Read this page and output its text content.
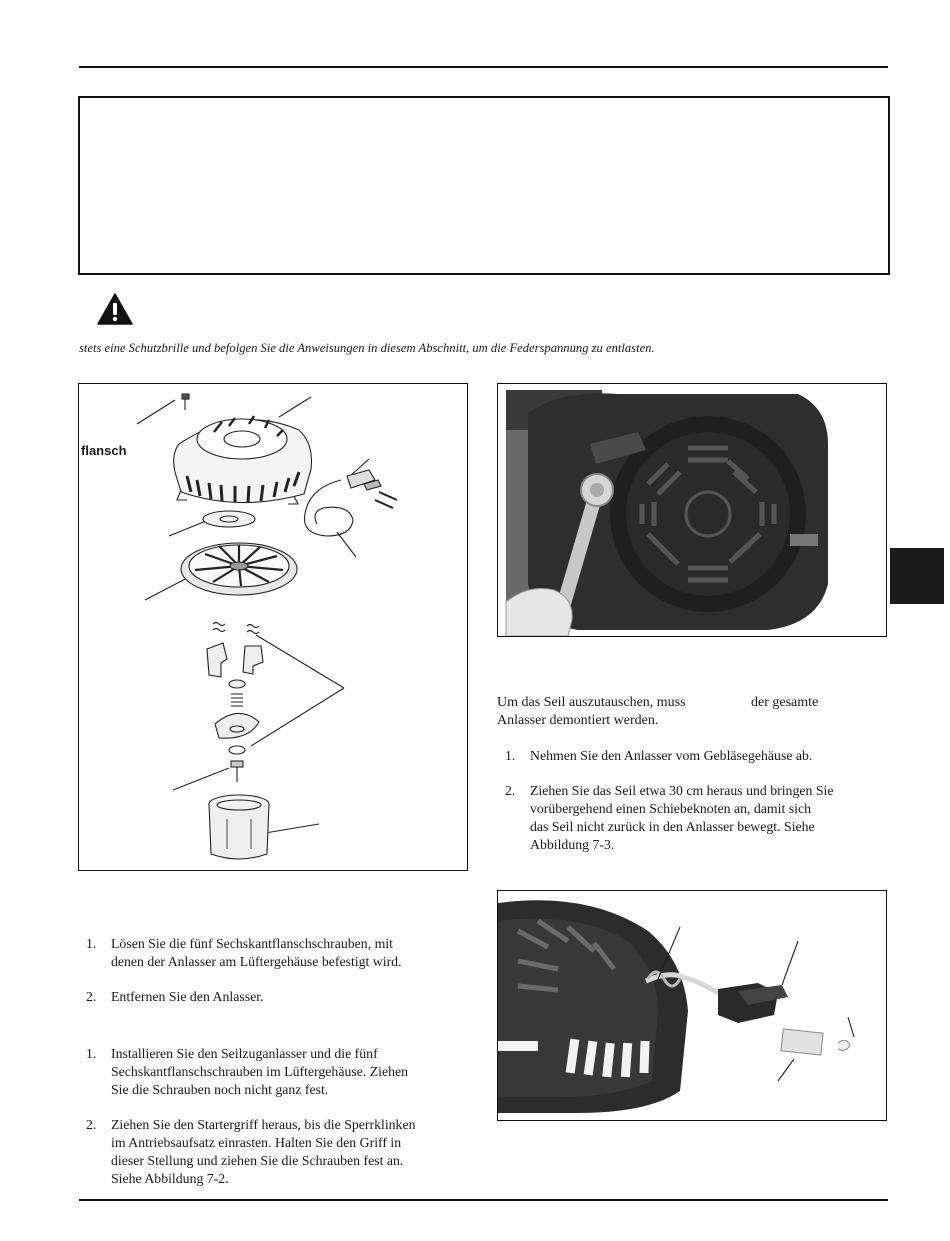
stets eine Schutzbrille und befolgen Sie die Anweisungen in diesem Abschnitt, um die Federspannung zu entlasten.
flansch
Um das Seil auszutauschen, muss	der gesamte
Anlasser demontiert werden.
1. Nehmen Sie den Anlasser vom Gebläsegehäuse ab.
2. Ziehen Sie das Seil etwa 30 cm heraus und bringen Sie
vorübergehend einen Schiebeknoten an, damit sich
das Seil nicht zurück in den Anlasser bewegt. Siehe
Abbildung 7-3.
1. Lösen Sie die fünf Sechskantflanschschrauben, mit
denen der Anlasser am Lüftergehäuse befestigt wird.
2. Entfernen Sie den Anlasser.
1. Installieren Sie den Seilzuganlasser und die fünf
Sechskantflanschschrauben im Lüftergehäuse. Ziehen
Sie die Schrauben noch nicht ganz fest.
2. Ziehen Sie den Startergriff heraus, bis die Sperrklinken
im Antriebsaufsatz einrasten. Halten Sie den Griff in
dieser Stellung und ziehen Sie die Schrauben fest an.
Siehe Abbildung 7-2.
